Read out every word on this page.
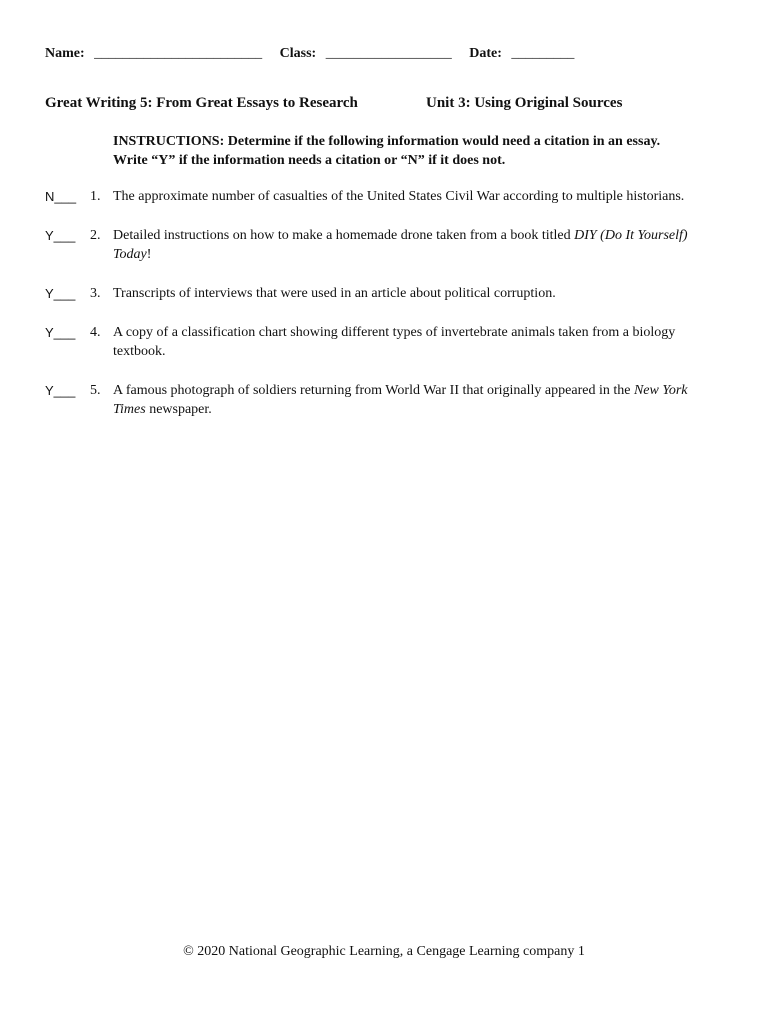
Name: ________________________ Class: __________________ Date: _________
Great Writing 5: From Great Essays to Research	Unit 3: Using Original Sources
INSTRUCTIONS: Determine if the following information would need a citation in an essay.
Write “Y” if the information needs a citation or “N” if it does not.
N___ 1. The approximate number of casualties of the United States Civil War according to multiple historians.
Y___ 2. Detailed instructions on how to make a homemade drone taken from a book titled DIY (Do It Yourself) Today!
Y___ 3. Transcripts of interviews that were used in an article about political corruption.
Y___ 4. A copy of a classification chart showing different types of invertebrate animals taken from a biology textbook.
Y___ 5. A famous photograph of soldiers returning from World War II that originally appeared in the New York Times newspaper.
© 2020 National Geographic Learning, a Cengage Learning company 1
